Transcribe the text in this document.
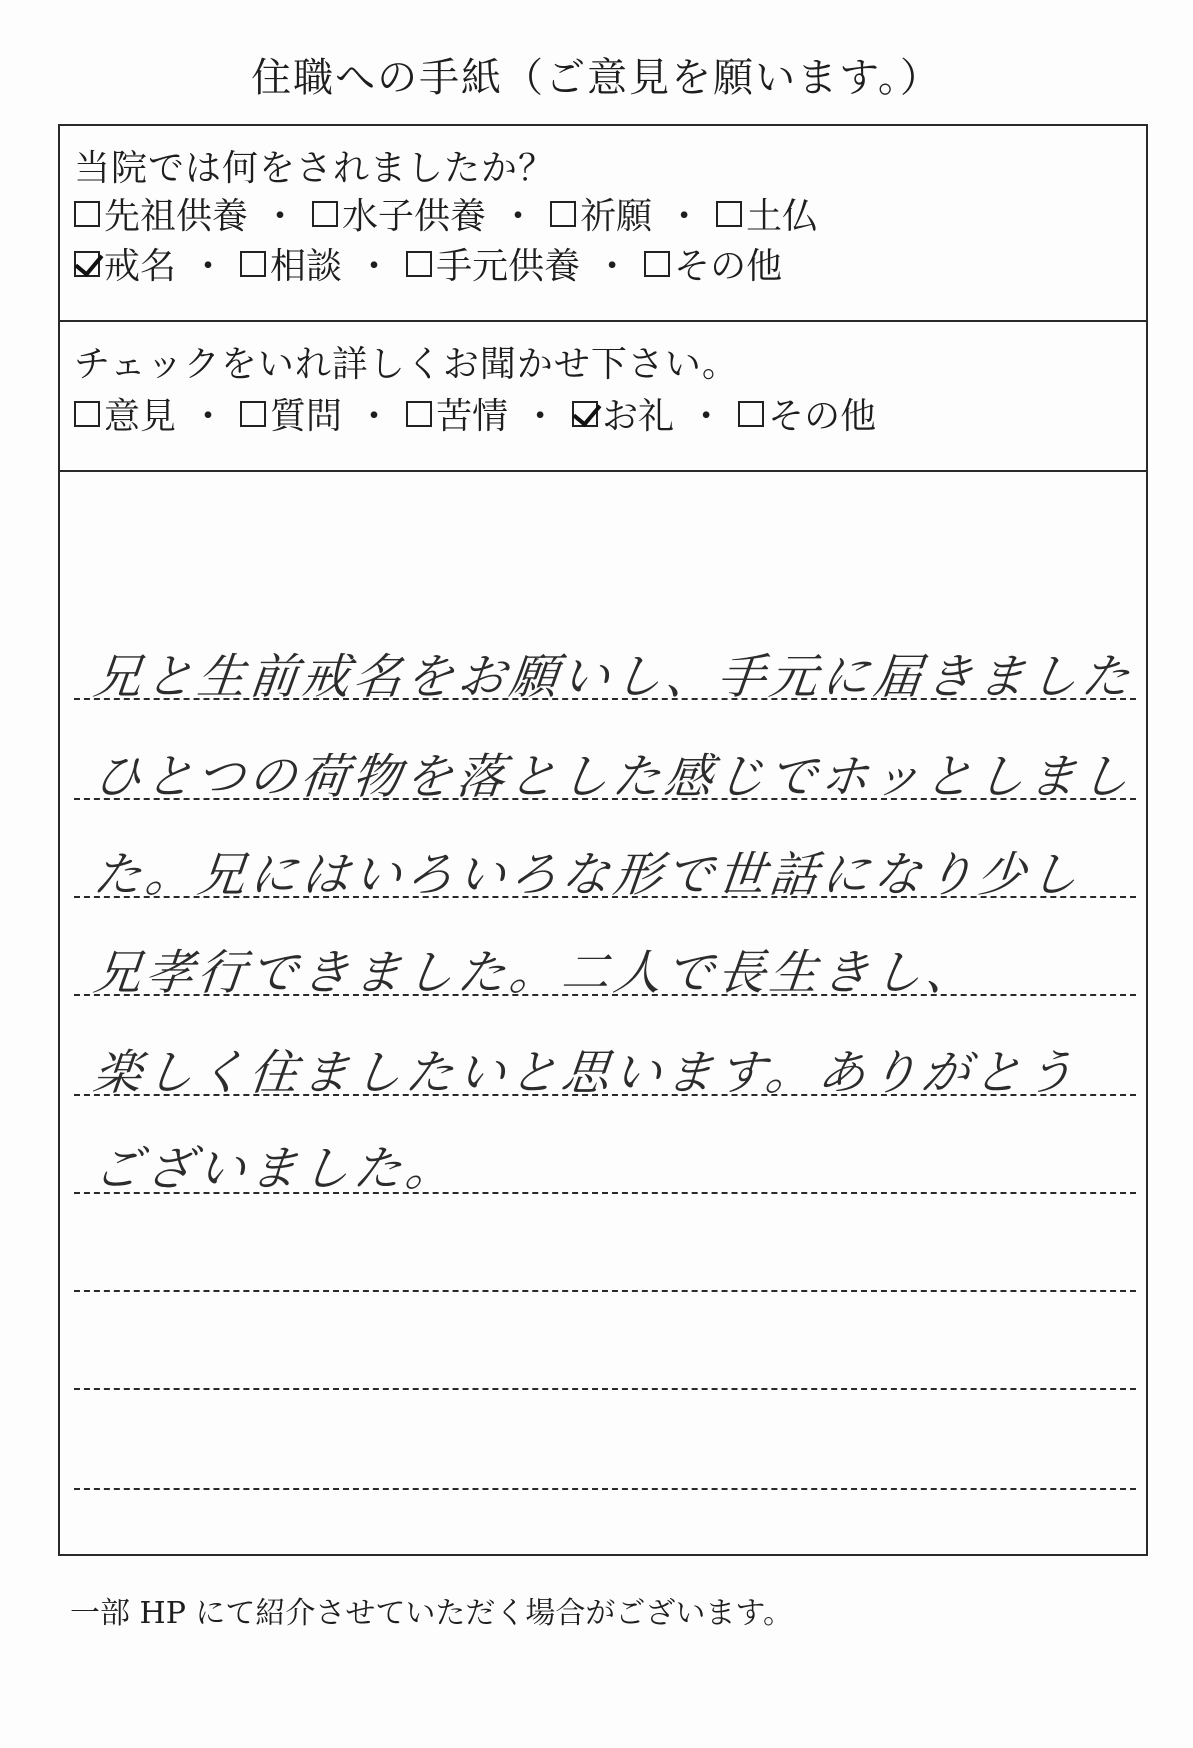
住職への手紙（ご意見を願います。）
当院では何をされましたか？
先祖供養 ・ 水子供養 ・ 祈願 ・ 土仏
戒名 ・ 相談 ・ 手元供養 ・ その他
チェックをいれ詳しくお聞かせ下さい。
意見 ・ 質問 ・ 苦情 ・ お礼 ・ その他
兄と生前戒名をお願いし、手元に届きました
ひとつの荷物を落とした感じでホッとしまし
た。兄にはいろいろな形で世話になり少し
兄孝行できました。二人で長生きし、
楽しく住ましたいと思います。ありがとう
ございました。
一部 HP にて紹介させていただく場合がございます。
